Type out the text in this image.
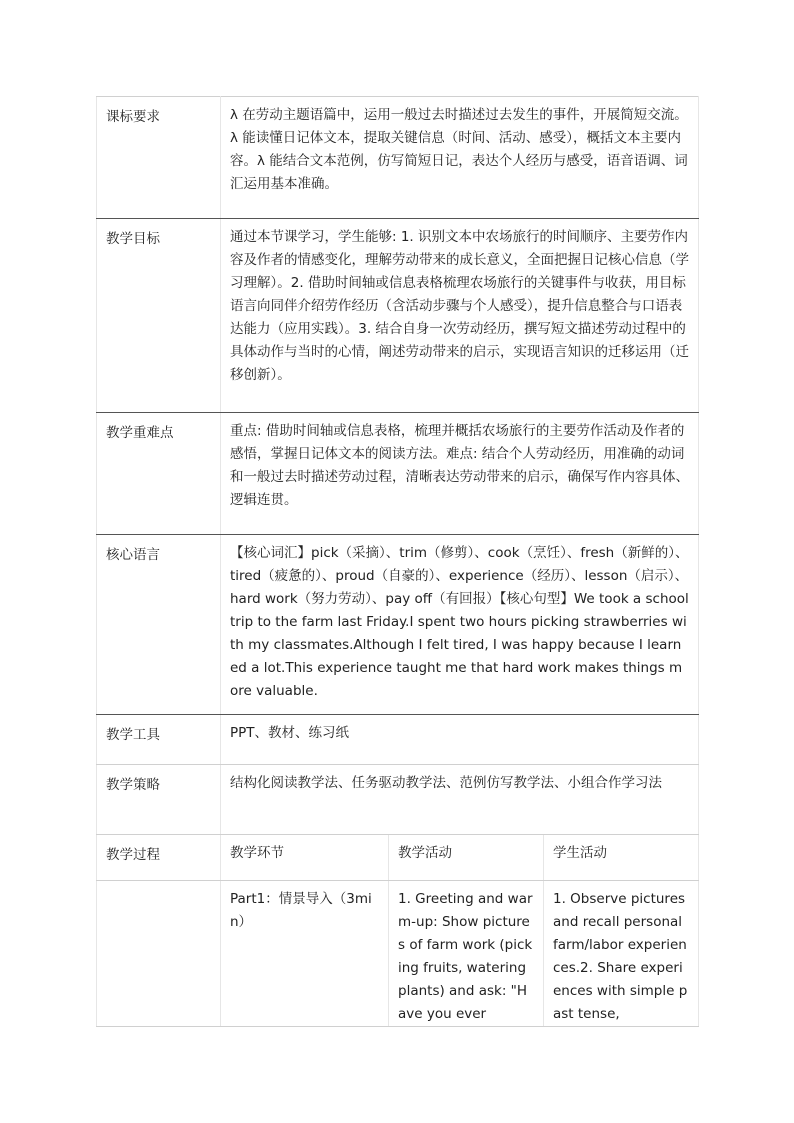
课标要求	λ 在劳动主题语篇中，运用一般过去时描述过去发生的事件，开展简短交流。λ 能读懂日记体文本，提取关键信息（时间、活动、感受），概括文本主要内容。λ 能结合文本范例，仿写简短日记，表达个人经历与感受，语音语调、词汇运用基本准确。		
教学目标	通过本节课学习，学生能够: 1. 识别文本中农场旅行的时间顺序、主要劳作内容及作者的情感变化，理解劳动带来的成长意义，全面把握日记核心信息（学习理解）。2. 借助时间轴或信息表格梳理农场旅行的关键事件与收获，用目标语言向同伴介绍劳作经历（含活动步骤与个人感受），提升信息整合与口语表达能力（应用实践）。3. 结合自身一次劳动经历，撰写短文描述劳动过程中的具体动作与当时的心情，阐述劳动带来的启示，实现语言知识的迁移运用（迁移创新）。		
教学重难点	重点: 借助时间轴或信息表格，梳理并概括农场旅行的主要劳作活动及作者的感悟，掌握日记体文本的阅读方法。难点: 结合个人劳动经历，用准确的动词和一般过去时描述劳动过程，清晰表达劳动带来的启示，确保写作内容具体、逻辑连贯。		
核心语言	【核心词汇】pick（采摘）、trim（修剪）、cook（烹饪）、fresh（新鲜的）、tired（疲惫的）、proud（自豪的）、experience（经历）、lesson（启示）、hard work（努力劳动）、pay off（有回报）【核心句型】We took a school trip to the farm last Friday.I spent two hours picking strawberries with my classmates.Although I felt tired, I was happy because I learned a lot.This experience taught me that hard work makes things more valuable.		
教学工具	PPT、教材、练习纸		
教学策略	结构化阅读教学法、任务驱动教学法、范例仿写教学法、小组合作学习法		
教学过程	教学环节	教学活动	学生活动
	Part1：情景导入（3min）	1. Greeting and warm-up: Show pictures of farm work (picking fruits, watering plants) and ask: "Have you ever	1. Observe pictures and recall personal farm/labor experiences.2. Share experiences with simple past tense,
